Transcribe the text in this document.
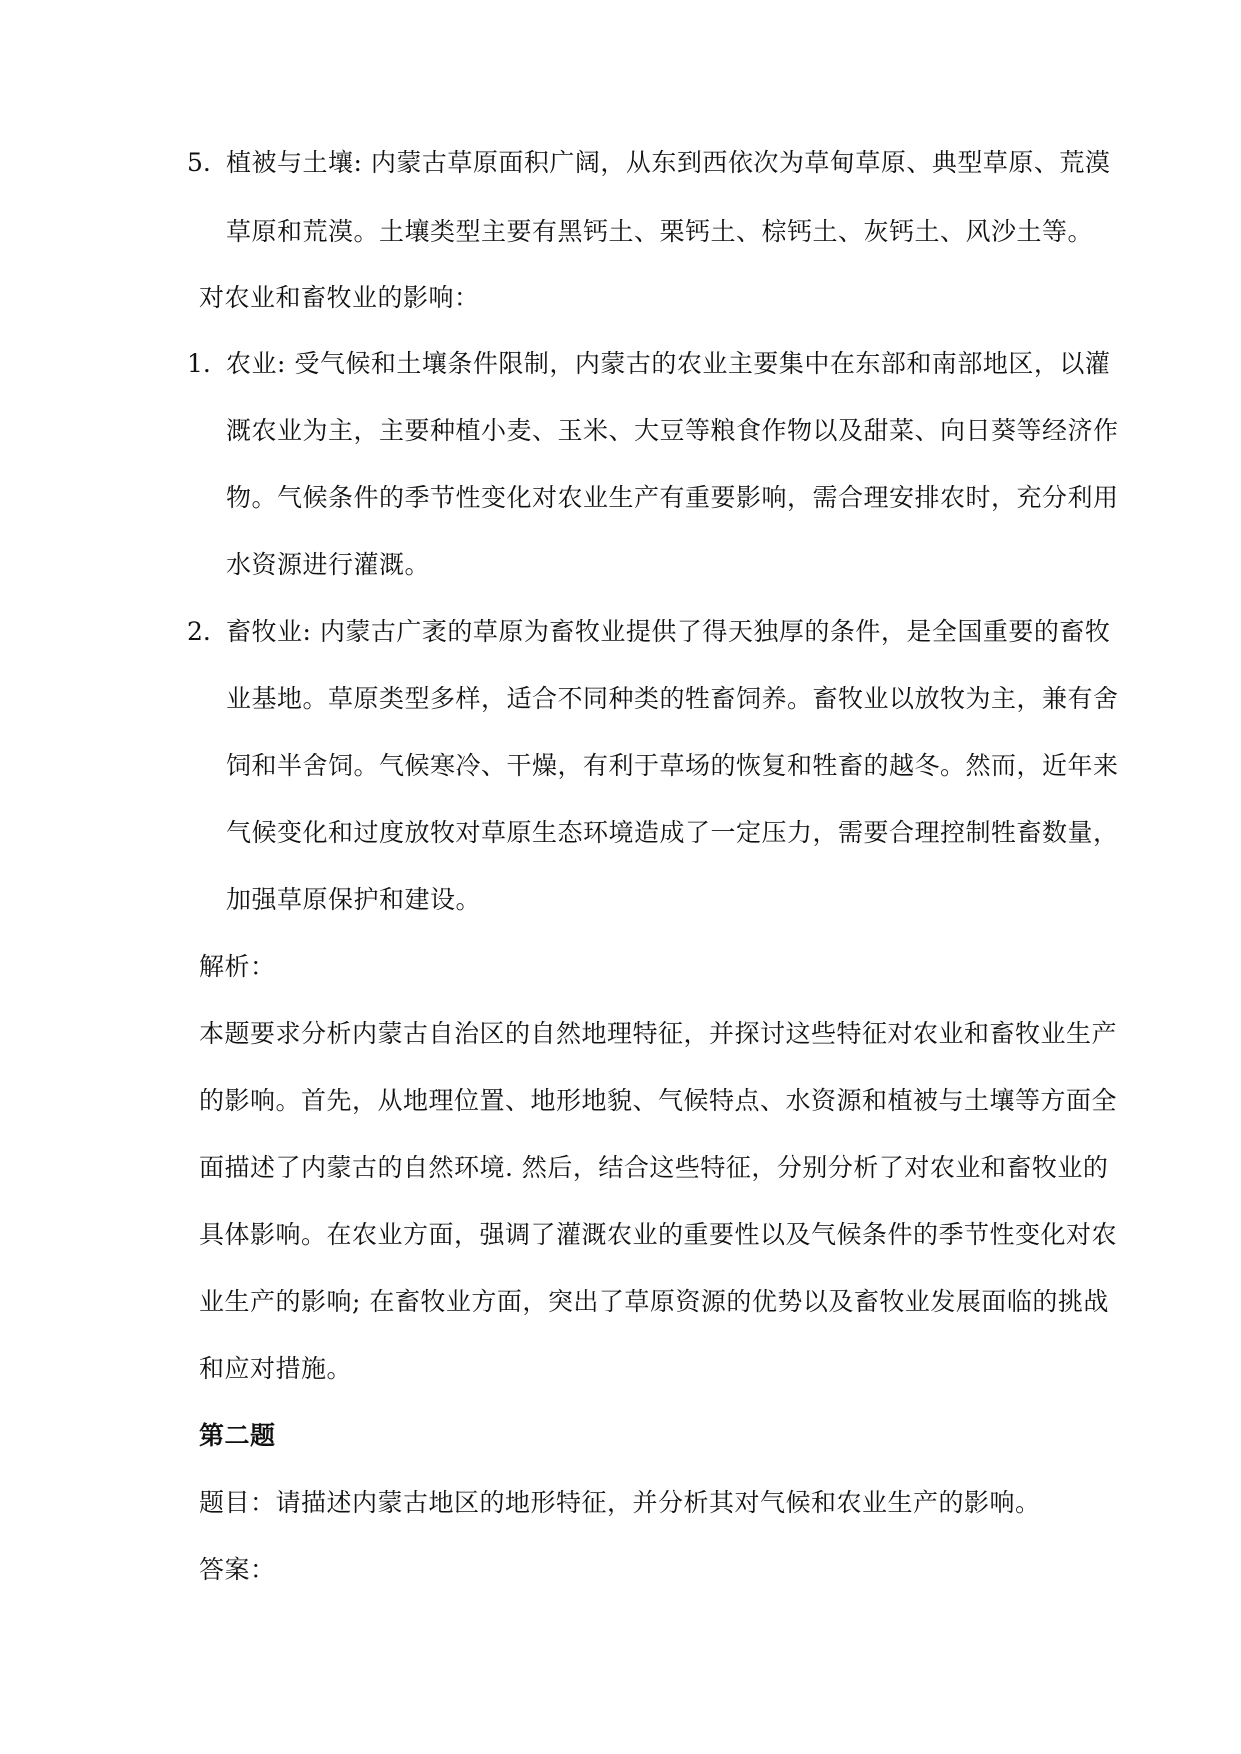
5. 植被与土壤: 内蒙古草原面积广阔，从东到西依次为草甸草原、典型草原、荒漠
草原和荒漠。土壤类型主要有黑钙土、栗钙土、棕钙土、灰钙土、风沙土等。
对农业和畜牧业的影响：
1. 农业: 受气候和土壤条件限制，内蒙古的农业主要集中在东部和南部地区，以灌
溉农业为主，主要种植小麦、玉米、大豆等粮食作物以及甜菜、向日葵等经济作
物。气候条件的季节性变化对农业生产有重要影响，需合理安排农时，充分利用
水资源进行灌溉。
2. 畜牧业: 内蒙古广袤的草原为畜牧业提供了得天独厚的条件，是全国重要的畜牧
业基地。草原类型多样，适合不同种类的牲畜饲养。畜牧业以放牧为主，兼有舍
饲和半舍饲。气候寒冷、干燥，有利于草场的恢复和牲畜的越冬。然而，近年来
气候变化和过度放牧对草原生态环境造成了一定压力，需要合理控制牲畜数量，
加强草原保护和建设。
解析：
本题要求分析内蒙古自治区的自然地理特征，并探讨这些特征对农业和畜牧业生产
的影响。首先，从地理位置、地形地貌、气候特点、水资源和植被与土壤等方面全
面描述了内蒙古的自然环境. 然后，结合这些特征，分别分析了对农业和畜牧业的
具体影响。在农业方面，强调了灌溉农业的重要性以及气候条件的季节性变化对农
业生产的影响; 在畜牧业方面，突出了草原资源的优势以及畜牧业发展面临的挑战
和应对措施。
第二题
题目：请描述内蒙古地区的地形特征，并分析其对气候和农业生产的影响。
答案：
